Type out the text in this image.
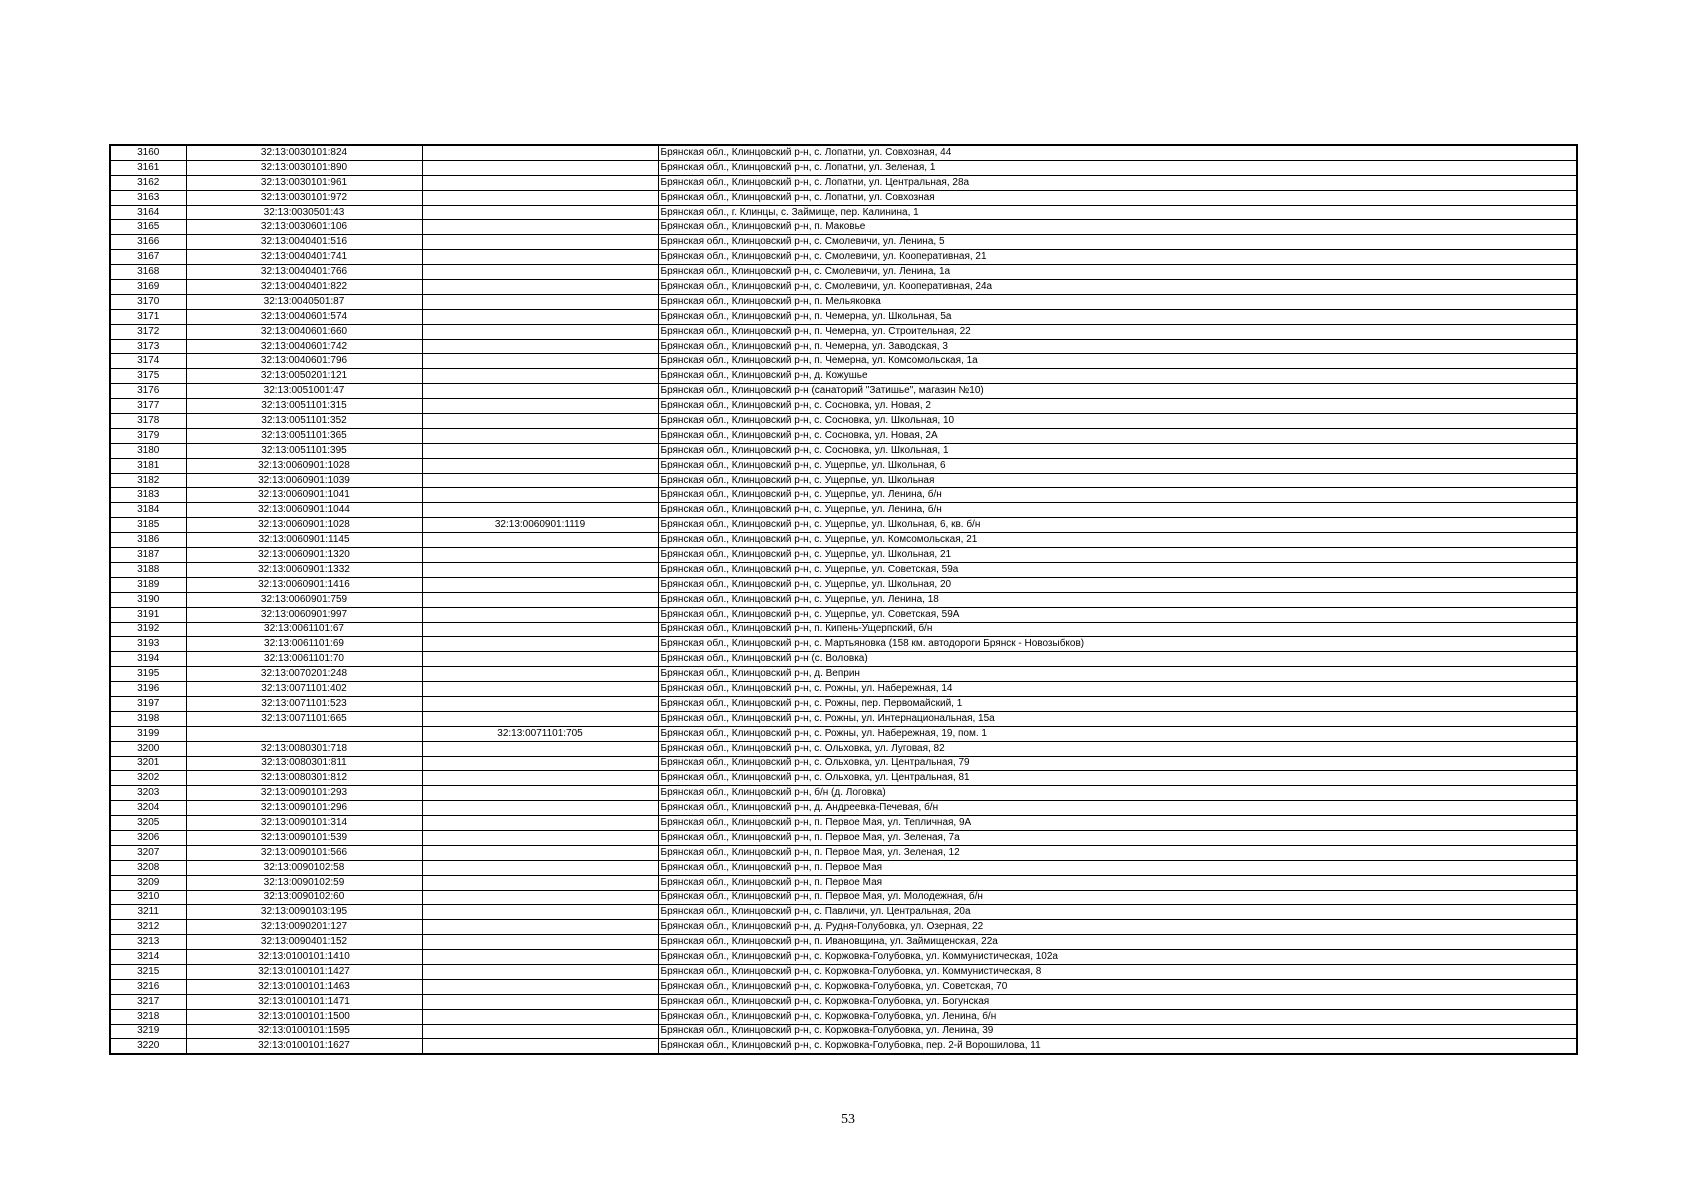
3160	32:13:0030101:824		Брянская обл., Клинцовский р-н, с. Лопатни, ул. Совхозная, 44
3161	32:13:0030101:890		Брянская обл., Клинцовский р-н, с. Лопатни, ул. Зеленая, 1
3162	32:13:0030101:961		Брянская обл., Клинцовский р-н, с. Лопатни, ул. Центральная, 28а
3163	32:13:0030101:972		Брянская обл., Клинцовский р-н, с. Лопатни, ул. Совхозная
3164	32:13:0030501:43		Брянская обл., г. Клинцы, с. Займище, пер. Калинина, 1
3165	32:13:0030601:106		Брянская обл., Клинцовский р-н, п. Маковье
3166	32:13:0040401:516		Брянская обл., Клинцовский р-н, с. Смолевичи, ул. Ленина, 5
3167	32:13:0040401:741		Брянская обл., Клинцовский р-н, с. Смолевичи, ул. Кооперативная, 21
3168	32:13:0040401:766		Брянская обл., Клинцовский р-н, с. Смолевичи, ул. Ленина, 1а
3169	32:13:0040401:822		Брянская обл., Клинцовский р-н, с. Смолевичи, ул. Кооперативная, 24а
3170	32:13:0040501:87		Брянская обл., Клинцовский р-н, п. Мельяковка
3171	32:13:0040601:574		Брянская обл., Клинцовский р-н, п. Чемерна, ул. Школьная, 5а
3172	32:13:0040601:660		Брянская обл., Клинцовский р-н, п. Чемерна, ул. Строительная, 22
3173	32:13:0040601:742		Брянская обл., Клинцовский р-н, п. Чемерна, ул. Заводская, 3
3174	32:13:0040601:796		Брянская обл., Клинцовский р-н, п. Чемерна, ул. Комсомольская, 1а
3175	32:13:0050201:121		Брянская обл., Клинцовский р-н, д. Кожушье
3176	32:13:0051001:47		Брянская обл., Клинцовский р-н (санаторий "Затишье", магазин №10)
3177	32:13:0051101:315		Брянская обл., Клинцовский р-н, с. Сосновка, ул. Новая, 2
3178	32:13:0051101:352		Брянская обл., Клинцовский р-н, с. Сосновка, ул. Школьная, 10
3179	32:13:0051101:365		Брянская обл., Клинцовский р-н, с. Сосновка, ул. Новая, 2А
3180	32:13:0051101:395		Брянская обл., Клинцовский р-н, с. Сосновка, ул. Школьная, 1
3181	32:13:0060901:1028		Брянская обл., Клинцовский р-н, с. Ущерпье, ул. Школьная, 6
3182	32:13:0060901:1039		Брянская обл., Клинцовский р-н, с. Ущерпье, ул. Школьная
3183	32:13:0060901:1041		Брянская обл., Клинцовский р-н, с. Ущерпье, ул. Ленина, б/н
3184	32:13:0060901:1044		Брянская обл., Клинцовский р-н, с. Ущерпье, ул. Ленина, б/н
3185	32:13:0060901:1028	32:13:0060901:1119	Брянская обл., Клинцовский р-н, с. Ущерпье, ул. Школьная, 6, кв. б/н
3186	32:13:0060901:1145		Брянская обл., Клинцовский р-н, с. Ущерпье, ул. Комсомольская, 21
3187	32:13:0060901:1320		Брянская обл., Клинцовский р-н, с. Ущерпье, ул. Школьная, 21
3188	32:13:0060901:1332		Брянская обл., Клинцовский р-н, с. Ущерпье, ул. Советская, 59а
3189	32:13:0060901:1416		Брянская обл., Клинцовский р-н, с. Ущерпье, ул. Школьная, 20
3190	32:13:0060901:759		Брянская обл., Клинцовский р-н, с. Ущерпье, ул. Ленина, 18
3191	32:13:0060901:997		Брянская обл., Клинцовский р-н, с. Ущерпье, ул. Советская, 59А
3192	32:13:0061101:67		Брянская обл., Клинцовский р-н, п. Кипень-Ущерпский, б/н
3193	32:13:0061101:69		Брянская обл., Клинцовский р-н, с. Мартьяновка (158 км. автодороги Брянск - Новозыбков)
3194	32:13:0061101:70		Брянская обл., Клинцовский р-н (с. Воловка)
3195	32:13:0070201:248		Брянская обл., Клинцовский р-н, д. Веприн
3196	32:13:0071101:402		Брянская обл., Клинцовский р-н, с. Рожны, ул. Набережная, 14
3197	32:13:0071101:523		Брянская обл., Клинцовский р-н, с. Рожны, пер. Первомайский, 1
3198	32:13:0071101:665		Брянская обл., Клинцовский р-н, с. Рожны, ул. Интернациональная, 15а
3199		32:13:0071101:705	Брянская обл., Клинцовский р-н, с. Рожны, ул. Набережная, 19, пом. 1
3200	32:13:0080301:718		Брянская обл., Клинцовский р-н, с. Ольховка, ул. Луговая, 82
3201	32:13:0080301:811		Брянская обл., Клинцовский р-н, с. Ольховка, ул. Центральная, 79
3202	32:13:0080301:812		Брянская обл., Клинцовский р-н, с. Ольховка, ул. Центральная, 81
3203	32:13:0090101:293		Брянская обл., Клинцовский р-н, б/н (д. Логовка)
3204	32:13:0090101:296		Брянская обл., Клинцовский р-н, д. Андреевка-Печевая, б/н
3205	32:13:0090101:314		Брянская обл., Клинцовский р-н, п. Первое Мая, ул. Тепличная, 9А
3206	32:13:0090101:539		Брянская обл., Клинцовский р-н, п. Первое Мая, ул. Зеленая, 7а
3207	32:13:0090101:566		Брянская обл., Клинцовский р-н, п. Первое Мая, ул. Зеленая, 12
3208	32:13:0090102:58		Брянская обл., Клинцовский р-н, п. Первое Мая
3209	32:13:0090102:59		Брянская обл., Клинцовский р-н, п. Первое Мая
3210	32:13:0090102:60		Брянская обл., Клинцовский р-н, п. Первое Мая, ул. Молодежная, б/н
3211	32:13:0090103:195		Брянская обл., Клинцовский р-н, с. Павличи, ул. Центральная, 20а
3212	32:13:0090201:127		Брянская обл., Клинцовский р-н, д. Рудня-Голубовка, ул. Озерная, 22
3213	32:13:0090401:152		Брянская обл., Клинцовский р-н, п. Ивановщина, ул. Займищенская, 22а
3214	32:13:0100101:1410		Брянская обл., Клинцовский р-н, с. Коржовка-Голубовка, ул. Коммунистическая, 102а
3215	32:13:0100101:1427		Брянская обл., Клинцовский р-н, с. Коржовка-Голубовка, ул. Коммунистическая, 8
3216	32:13:0100101:1463		Брянская обл., Клинцовский р-н, с. Коржовка-Голубовка, ул. Советская, 70
3217	32:13:0100101:1471		Брянская обл., Клинцовский р-н, с. Коржовка-Голубовка, ул. Богунская
3218	32:13:0100101:1500		Брянская обл., Клинцовский р-н, с. Коржовка-Голубовка, ул. Ленина, б/н
3219	32:13:0100101:1595		Брянская обл., Клинцовский р-н, с. Коржовка-Голубовка, ул. Ленина, 39
3220	32:13:0100101:1627		Брянская обл., Клинцовский р-н, с. Коржовка-Голубовка, пер. 2-й Ворошилова, 11
53
